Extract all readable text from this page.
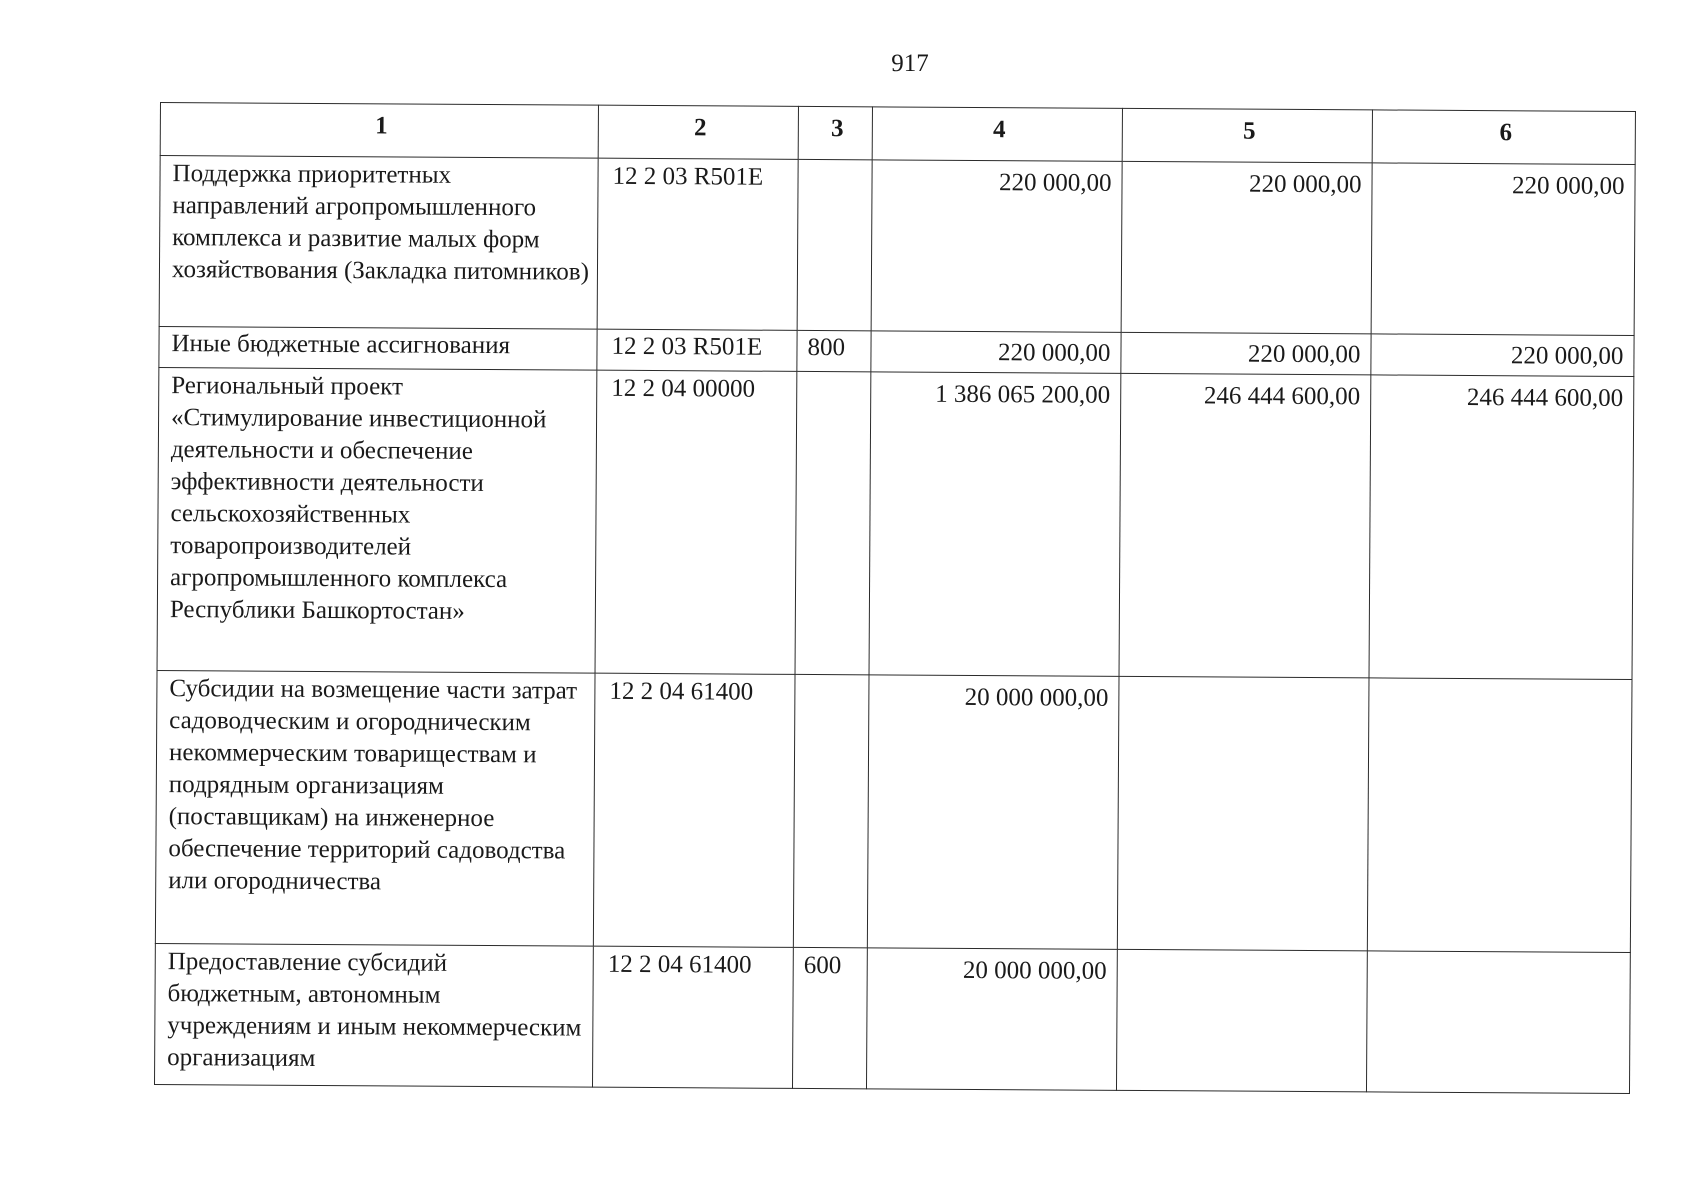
917
1	2	3	4	5	6
Поддержка приоритетных направлений агропромышленного комплекса и развитие малых форм хозяйствования (Закладка питомников)	12 2 03 R501E		220 000,00	220 000,00	220 000,00
Иные бюджетные ассигнования	12 2 03 R501E	800	220 000,00	220 000,00	220 000,00
Региональный проект «Стимулирование инвестиционной деятельности и обеспечение эффективности деятельности сельскохозяйственных товаропроизводителей агропромышленного комплекса Республики Башкортостан»	12 2 04 00000		1 386 065 200,00	246 444 600,00	246 444 600,00
Субсидии на возмещение части затрат садоводческим и огородническим некоммерческим товариществам и подрядным организациям (поставщикам) на инженерное обеспечение территорий садоводства или огородничества	12 2 04 61400		20 000 000,00		
Предоставление субсидий бюджетным, автономным учреждениям и иным некоммерческим организациям	12 2 04 61400	600	20 000 000,00		
